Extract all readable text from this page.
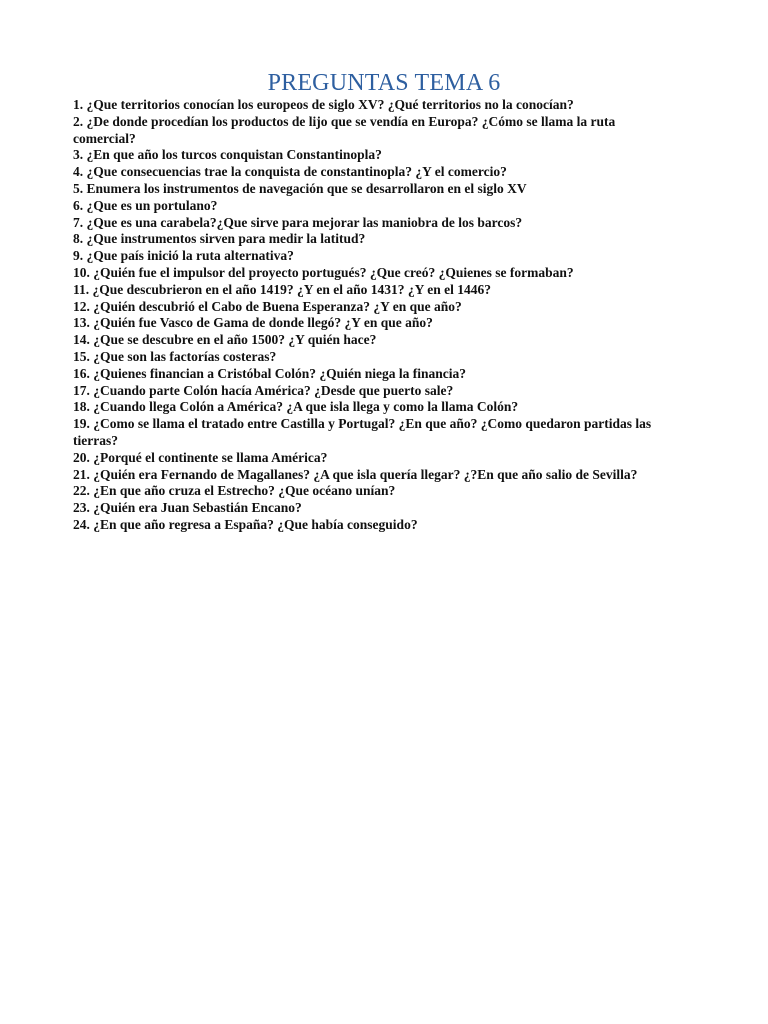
PREGUNTAS TEMA 6
1. ¿Que territorios conocían los europeos de siglo XV? ¿Qué territorios no la conocían?
2. ¿De donde procedían los productos de lijo que se vendía en Europa? ¿Cómo se llama la ruta comercial?
3. ¿En que año los turcos conquistan Constantinopla?
4. ¿Que consecuencias trae la conquista de constantinopla? ¿Y el comercio?
5. Enumera los instrumentos de navegación que se desarrollaron en el siglo XV
6. ¿Que es un portulano?
7. ¿Que es una carabela?¿Que sirve para mejorar las maniobra de los barcos?
8. ¿Que instrumentos sirven para medir la latitud?
9. ¿Que país inició la ruta alternativa?
10. ¿Quién fue el impulsor del proyecto portugués? ¿Que creó? ¿Quienes se formaban?
11. ¿Que descubrieron en el año 1419? ¿Y en el año 1431? ¿Y en el 1446?
12. ¿Quién descubrió el Cabo de Buena Esperanza? ¿Y en que año?
13. ¿Quién fue Vasco de Gama de donde llegó? ¿Y en que año?
14. ¿Que se descubre en el año 1500? ¿Y quién hace?
15. ¿Que son las factorías costeras?
16. ¿Quienes financian a Cristóbal Colón? ¿Quién niega la financia?
17. ¿Cuando parte Colón hacía América? ¿Desde que puerto sale?
18. ¿Cuando llega Colón a América? ¿A que isla llega y como la llama Colón?
19. ¿Como se llama el tratado entre Castilla y Portugal? ¿En que año? ¿Como quedaron partidas las tierras?
20. ¿Porqué el continente se llama América?
21. ¿Quién era Fernando de Magallanes? ¿A que isla quería llegar? ¿?En que año salio de Sevilla?
22. ¿En que año cruza el Estrecho? ¿Que océano unían?
23. ¿Quién era Juan Sebastián Encano?
24. ¿En que año regresa a España? ¿Que había conseguido?
